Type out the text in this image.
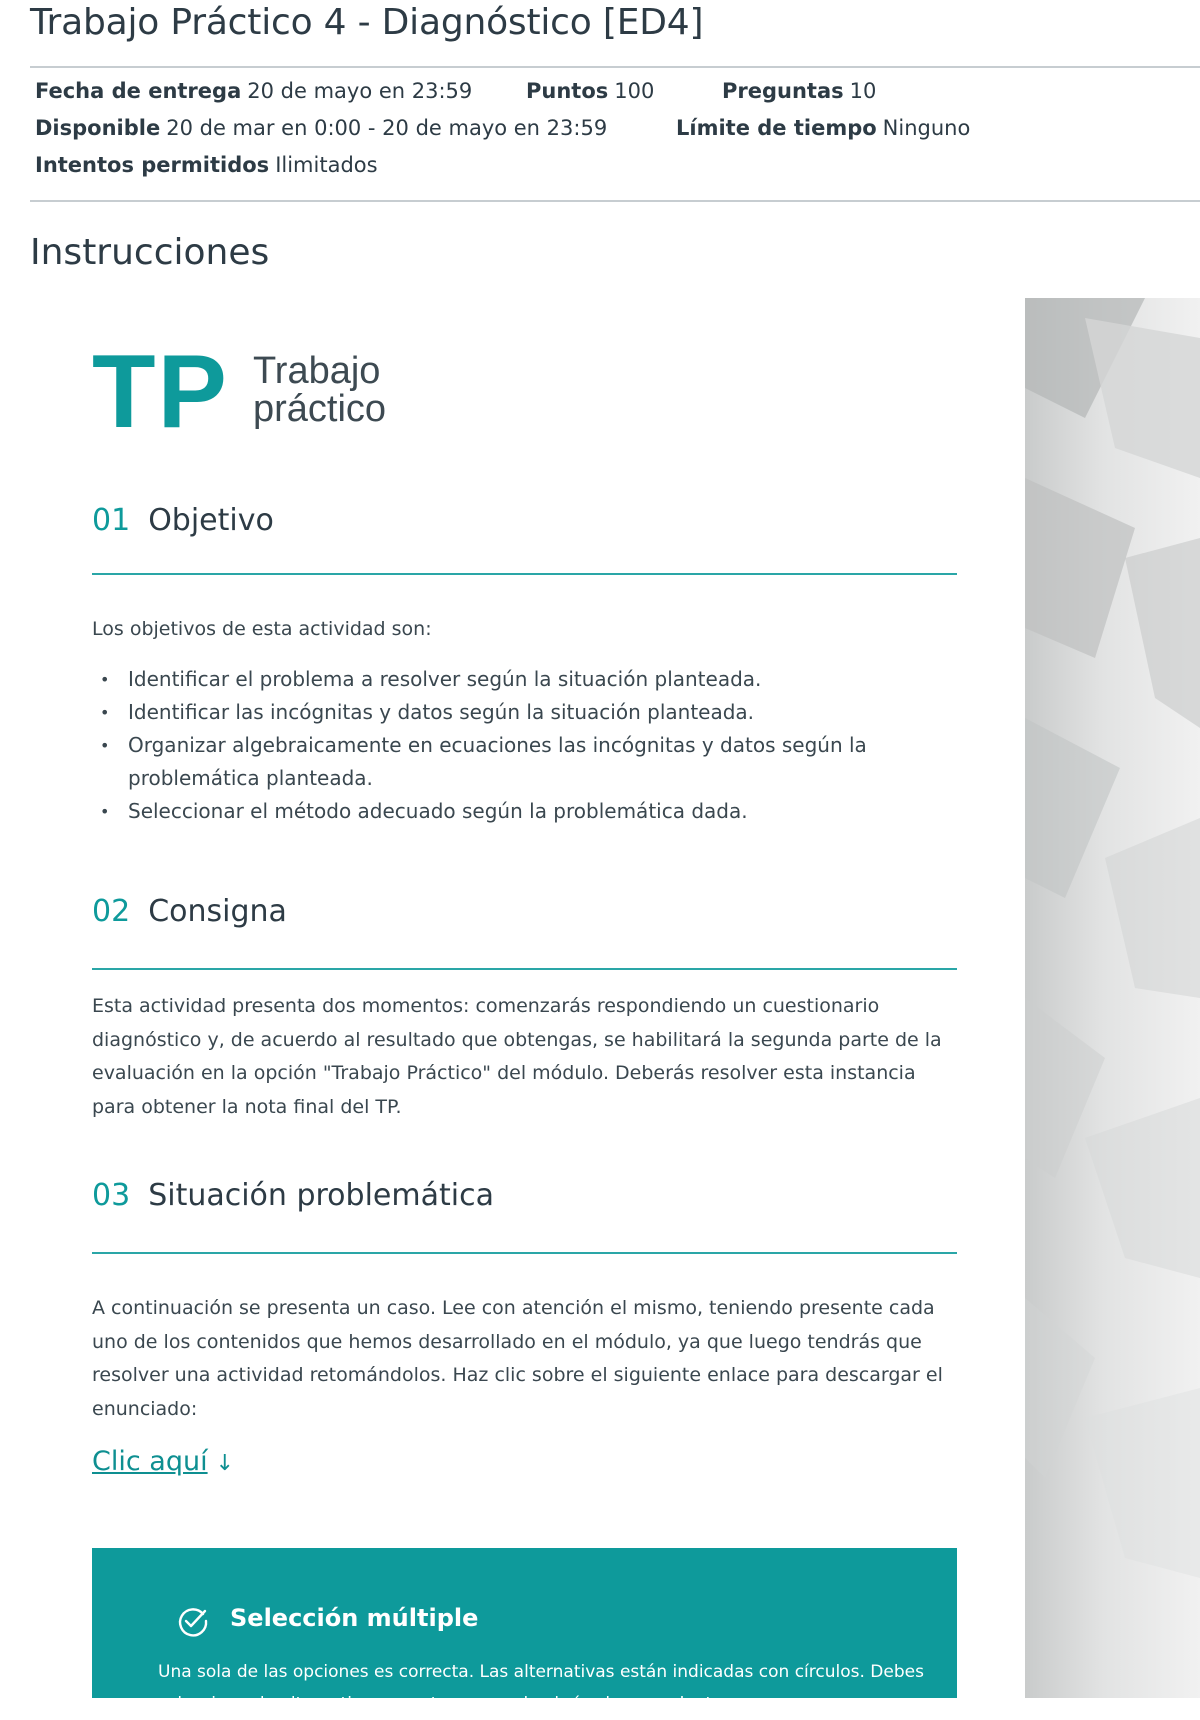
Trabajo Práctico 4 - Diagnóstico [ED4]
Fecha de entrega 20 de mayo en 23:59	Puntos 100	Preguntas 10
Disponible 20 de mar en 0:00 - 20 de mayo en 23:59	Límite de tiempo Ninguno
Intentos permitidos Ilimitados
Instrucciones
TP Trabajo
práctico
01 Objetivo

Los objetivos de esta actividad son:

• Identificar el problema a resolver según la situación planteada.
• Identificar las incógnitas y datos según la situación planteada.
• Organizar algebraicamente en ecuaciones las incógnitas y datos según la problemática planteada.
• Seleccionar el método adecuado según la problemática dada.
02 Consigna

Esta actividad presenta dos momentos: comenzarás respondiendo un cuestionario diagnóstico y, de acuerdo al resultado que obtengas, se habilitará la segunda parte de la evaluación en la opción "Trabajo Práctico" del módulo. Deberás resolver esta instancia para obtener la nota final del TP.

03 Situación problemática

A continuación se presenta un caso. Lee con atención el mismo, teniendo presente cada uno de los contenidos que hemos desarrollado en el módulo, ya que luego tendrás que resolver una actividad retomándolos. Haz clic sobre el siguiente enlace para descargar el enunciado:

Clic aquí ↓
Selección múltiple

Una sola de las opciones es correcta. Las alternativas están indicadas con círculos. Debes seleccionar la alternativa correcta marcando el círculo precedente.
